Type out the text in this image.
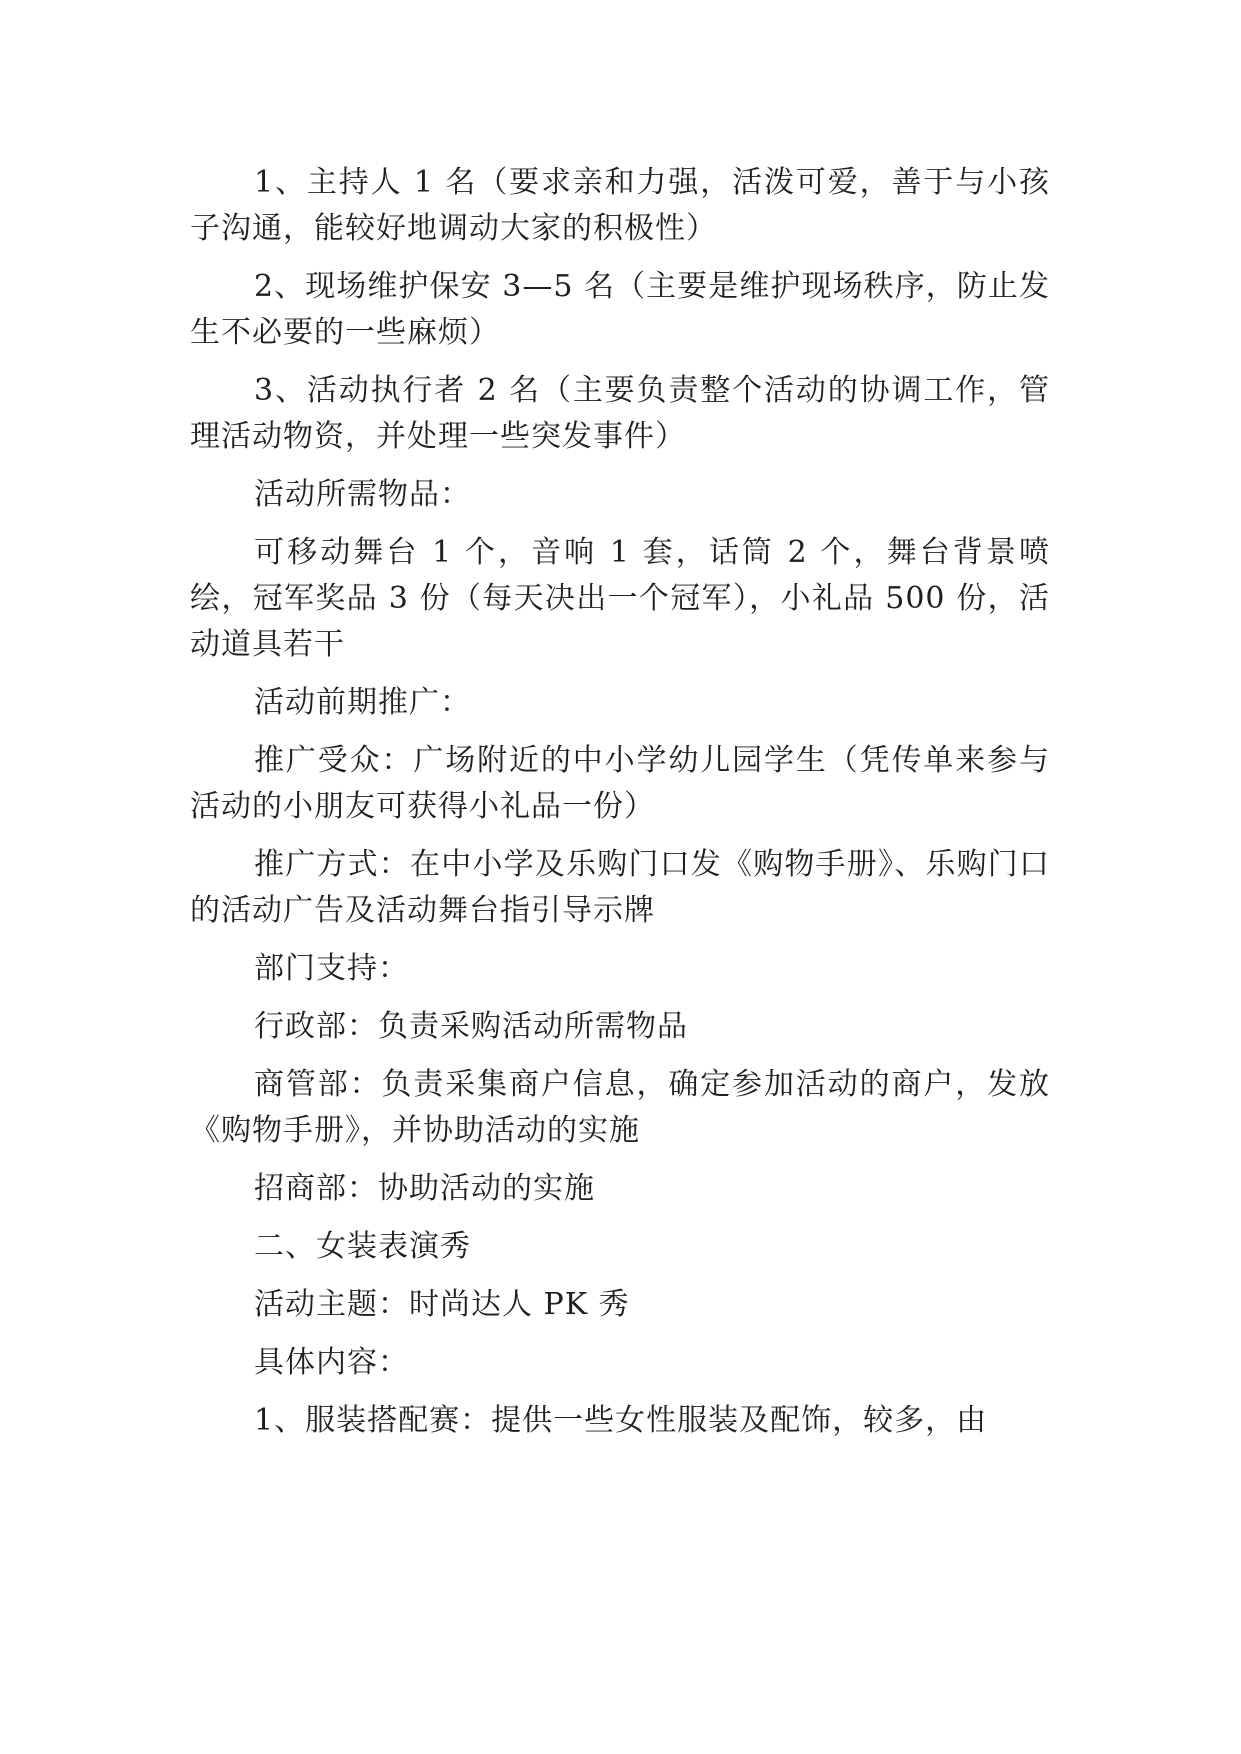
1、主持人 1 名（要求亲和力强，活泼可爱，善于与小孩子沟通，能较好地调动大家的积极性）

2、现场维护保安 3—5 名（主要是维护现场秩序，防止发生不必要的一些麻烦）

3、活动执行者 2 名（主要负责整个活动的协调工作，管理活动物资，并处理一些突发事件）

活动所需物品：

可移动舞台 1 个，音响 1 套，话筒 2 个，舞台背景喷绘，冠军奖品 3 份（每天决出一个冠军），小礼品 500 份，活动道具若干

活动前期推广：

推广受众：广场附近的中小学幼儿园学生（凭传单来参与活动的小朋友可获得小礼品一份）

推广方式：在中小学及乐购门口发《购物手册》、乐购门口的活动广告及活动舞台指引导示牌

部门支持：

行政部：负责采购活动所需物品

商管部：负责采集商户信息，确定参加活动的商户，发放《购物手册》，并协助活动的实施

招商部：协助活动的实施

二、女装表演秀

活动主题：时尚达人 PK 秀

具体内容：

1、服装搭配赛：提供一些女性服装及配饰，较多，由
